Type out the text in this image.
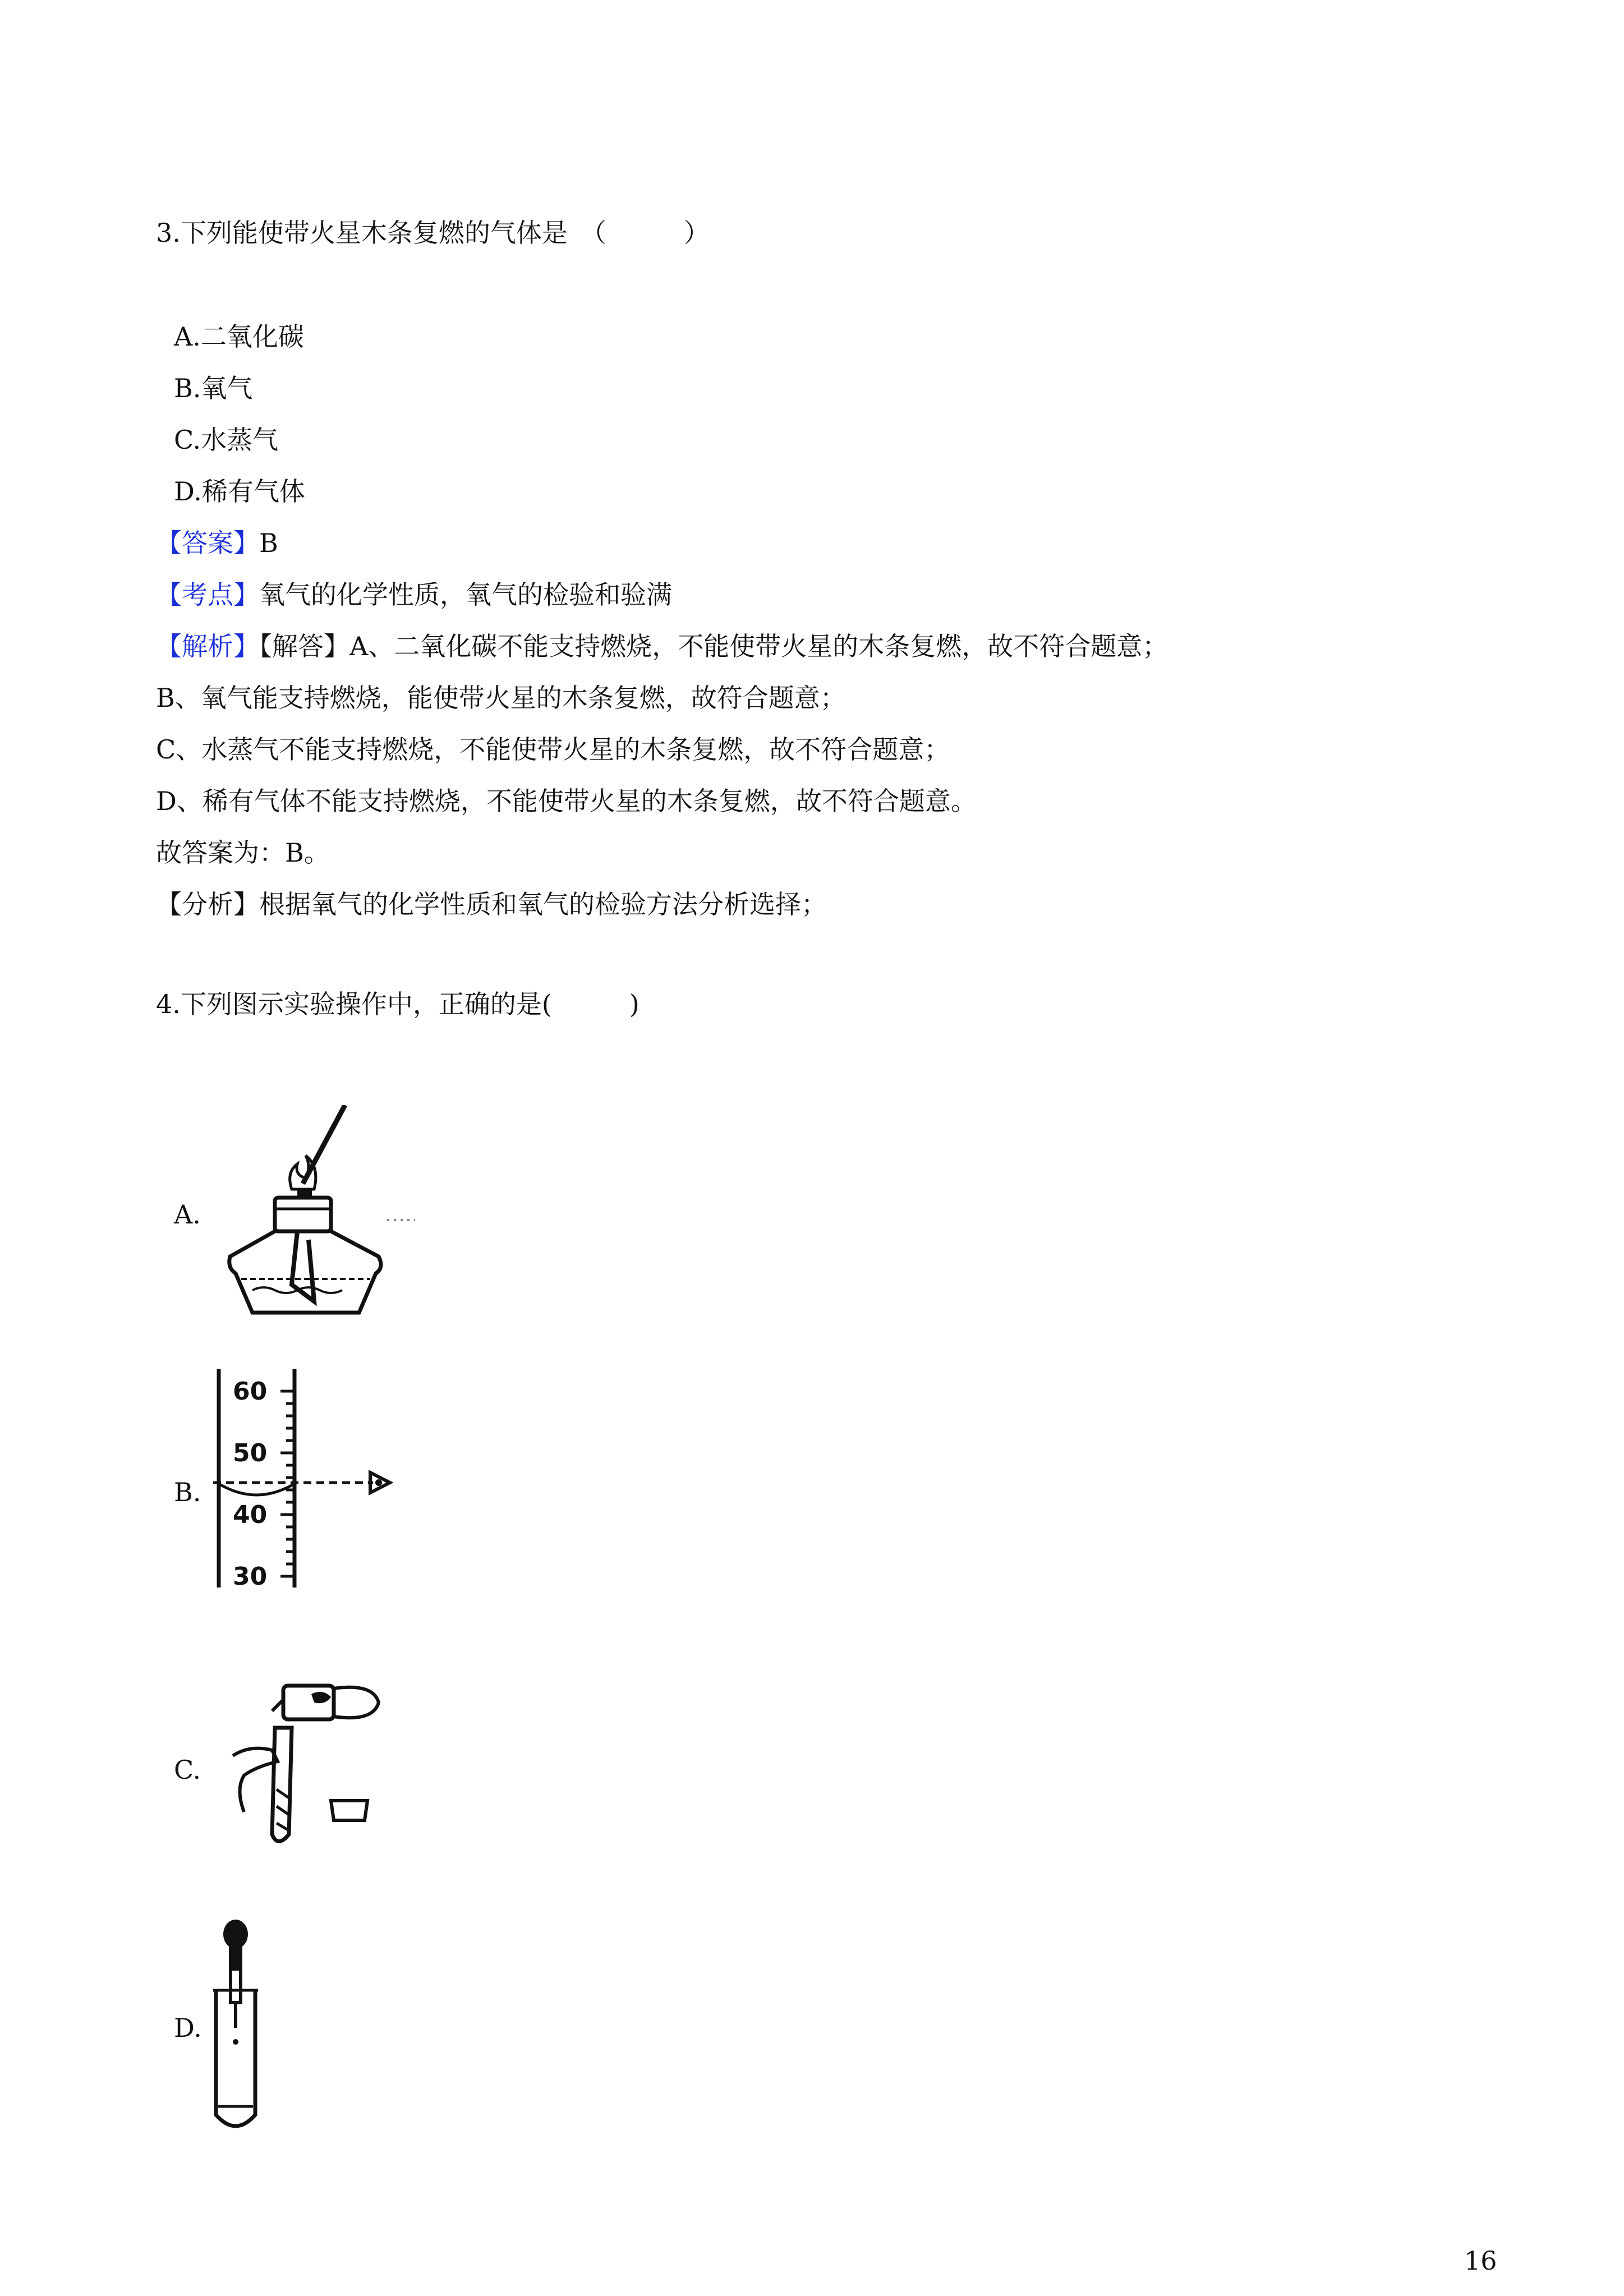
3.下列能使带火星木条复燃的气体是　（　　　）
A.二氧化碳
B.氧气
C.水蒸气
D.稀有气体
【答案】B
【考点】氧气的化学性质，氧气的检验和验满
【解析】【解答】A、二氧化碳不能支持燃烧，不能使带火星的木条复燃，故不符合题意；
B、氧气能支持燃烧，能使带火星的木条复燃，故符合题意；
C、水蒸气不能支持燃烧，不能使带火星的木条复燃，故不符合题意；
D、稀有气体不能支持燃烧，不能使带火星的木条复燃，故不符合题意。
故答案为：B。
【分析】根据氧气的化学性质和氧气的检验方法分析选择；
4.下列图示实验操作中，正确的是(　　　)
A.
B.
60
50
40
30
C.
D.
16
